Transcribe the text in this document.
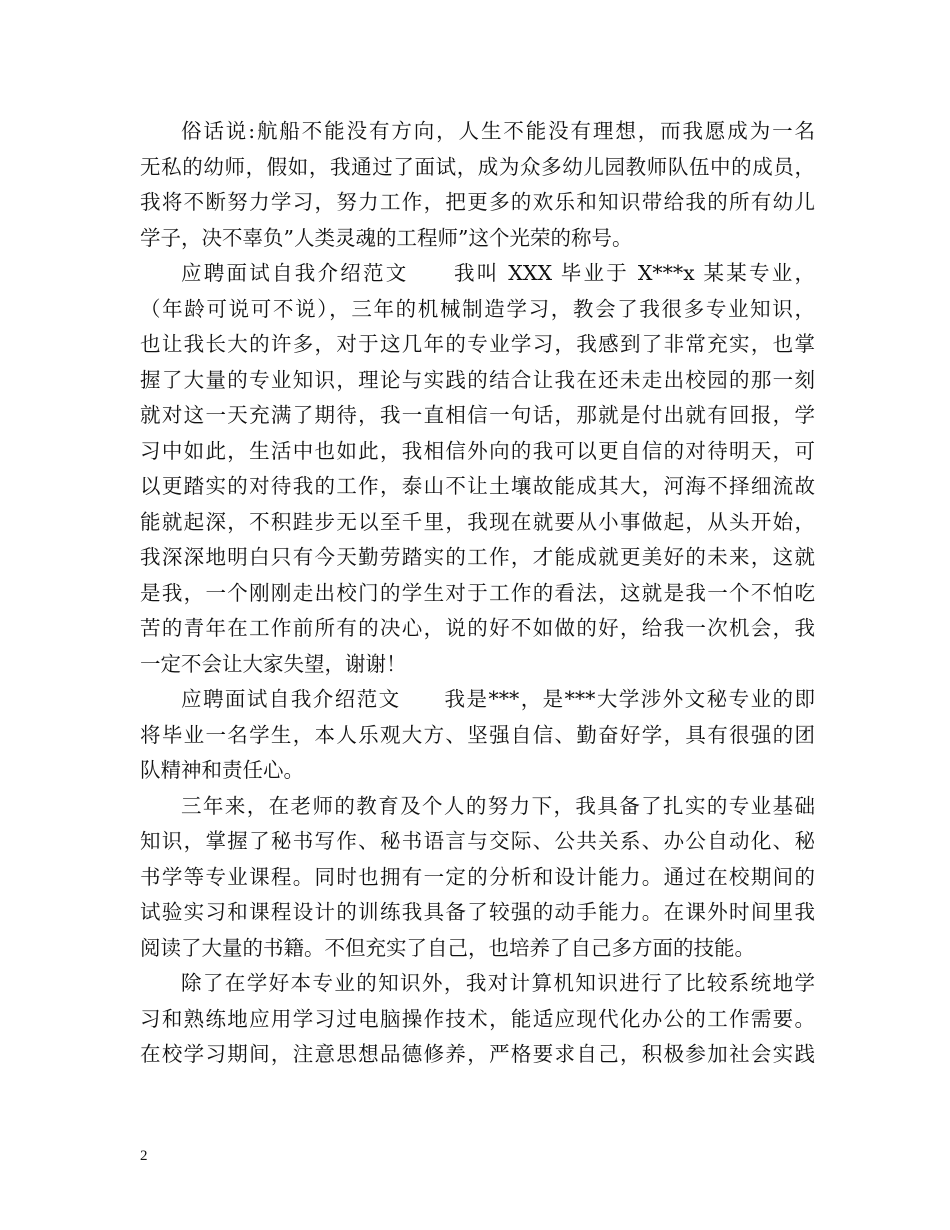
俗话说:航船不能没有方向，人生不能没有理想，而我愿成为一名
无私的幼师，假如，我通过了面试，成为众多幼儿园教师队伍中的成员，
我将不断努力学习，努力工作，把更多的欢乐和知识带给我的所有幼儿
学子，决不辜负”人类灵魂的工程师”这个光荣的称号。

应聘面试自我介绍范文　　我叫 XXX 毕业于 X***x 某某专业，
（年龄可说可不说），三年的机械制造学习，教会了我很多专业知识，
也让我长大的许多，对于这几年的专业学习，我感到了非常充实，也掌
握了大量的专业知识，理论与实践的结合让我在还未走出校园的那一刻
就对这一天充满了期待，我一直相信一句话，那就是付出就有回报，学
习中如此，生活中也如此，我相信外向的我可以更自信的对待明天，可
以更踏实的对待我的工作，泰山不让土壤故能成其大，河海不择细流故
能就起深，不积跬步无以至千里，我现在就要从小事做起，从头开始，
我深深地明白只有今天勤劳踏实的工作，才能成就更美好的未来，这就
是我，一个刚刚走出校门的学生对于工作的看法，这就是我一个不怕吃
苦的青年在工作前所有的决心，说的好不如做的好，给我一次机会，我
一定不会让大家失望，谢谢！

应聘面试自我介绍范文　　我是***，是***大学涉外文秘专业的即
将毕业一名学生，本人乐观大方、坚强自信、勤奋好学，具有很强的团
队精神和责任心。

三年来，在老师的教育及个人的努力下，我具备了扎实的专业基础
知识，掌握了秘书写作、秘书语言与交际、公共关系、办公自动化、秘
书学等专业课程。同时也拥有一定的分析和设计能力。通过在校期间的
试验实习和课程设计的训练我具备了较强的动手能力。在课外时间里我
阅读了大量的书籍。不但充实了自己，也培养了自己多方面的技能。

除了在学好本专业的知识外，我对计算机知识进行了比较系统地学
习和熟练地应用学习过电脑操作技术，能适应现代化办公的工作需要。
在校学习期间，注意思想品德修养，严格要求自己，积极参加社会实践

2
